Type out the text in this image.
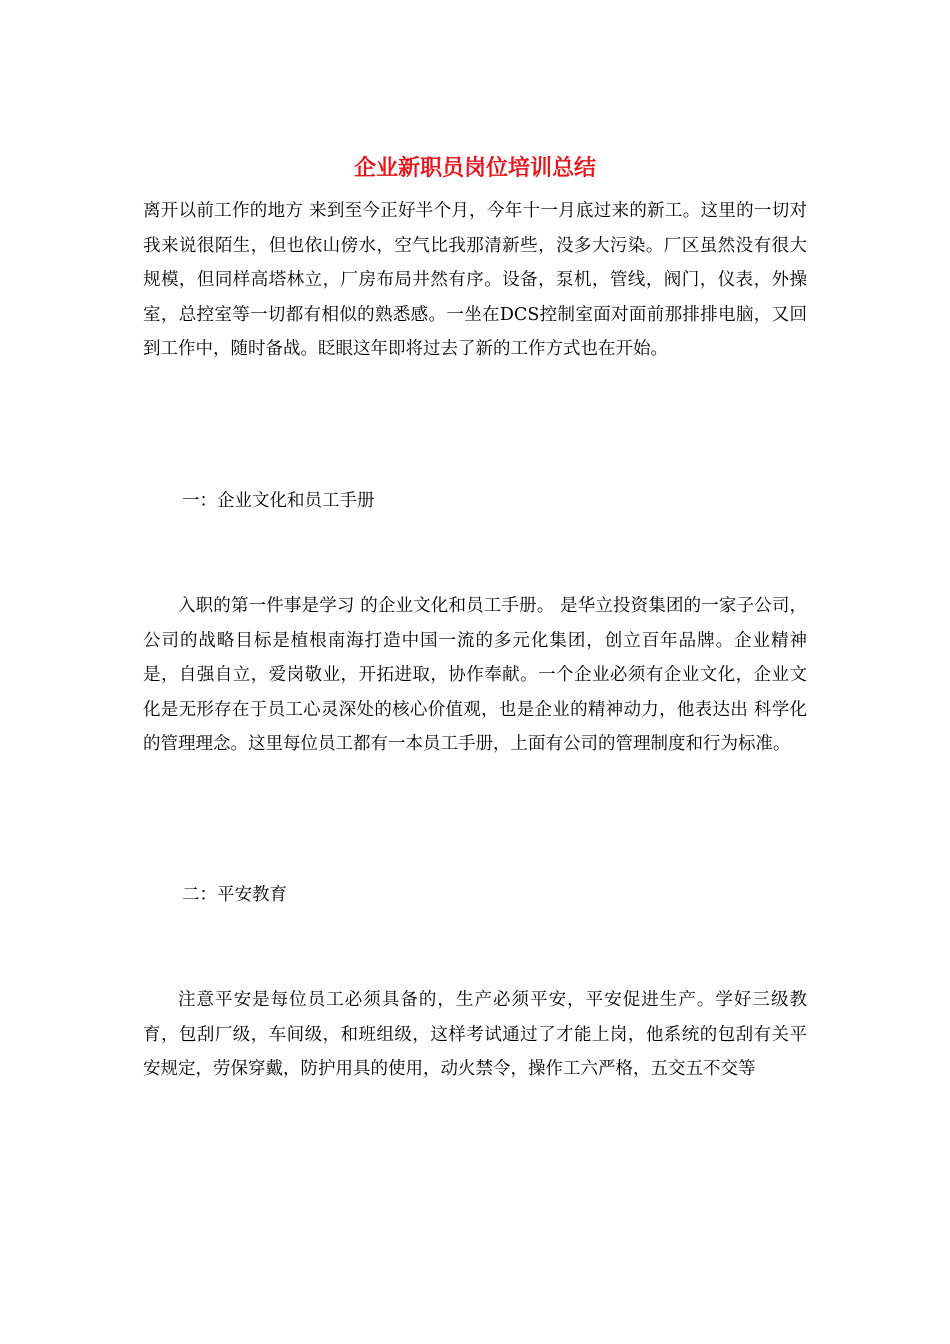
企业新职员岗位培训总结

离开以前工作的地方 来到至今正好半个月，今年十一月底过来的新工。这里的一切对我来说很陌生，但也依山傍水，空气比我那清新些，没多大污染。厂区虽然没有很大规模，但同样高塔林立，厂房布局井然有序。设备，泵机，管线，阀门，仪表，外操室，总控室等一切都有相似的熟悉感。一坐在DCS控制室面对面前那排排电脑，又回到工作中，随时备战。眨眼这年即将过去了新的工作方式也在开始。

一：企业文化和员工手册

入职的第一件事是学习 的企业文化和员工手册。 是华立投资集团的一家子公司，公司的战略目标是植根南海打造中国一流的多元化集团，创立百年品牌。企业精神是，自强自立，爱岗敬业，开拓进取，协作奉献。一个企业必须有企业文化，企业文化是无形存在于员工心灵深处的核心价值观，也是企业的精神动力，他表达出 科学化的管理理念。这里每位员工都有一本员工手册，上面有公司的管理制度和行为标准。

二：平安教育

注意平安是每位员工必须具备的，生产必须平安，平安促进生产。学好三级教育，包刮厂级，车间级，和班组级，这样考试通过了才能上岗，他系统的包刮有关平安规定，劳保穿戴，防护用具的使用，动火禁令，操作工六严格，五交五不交等
